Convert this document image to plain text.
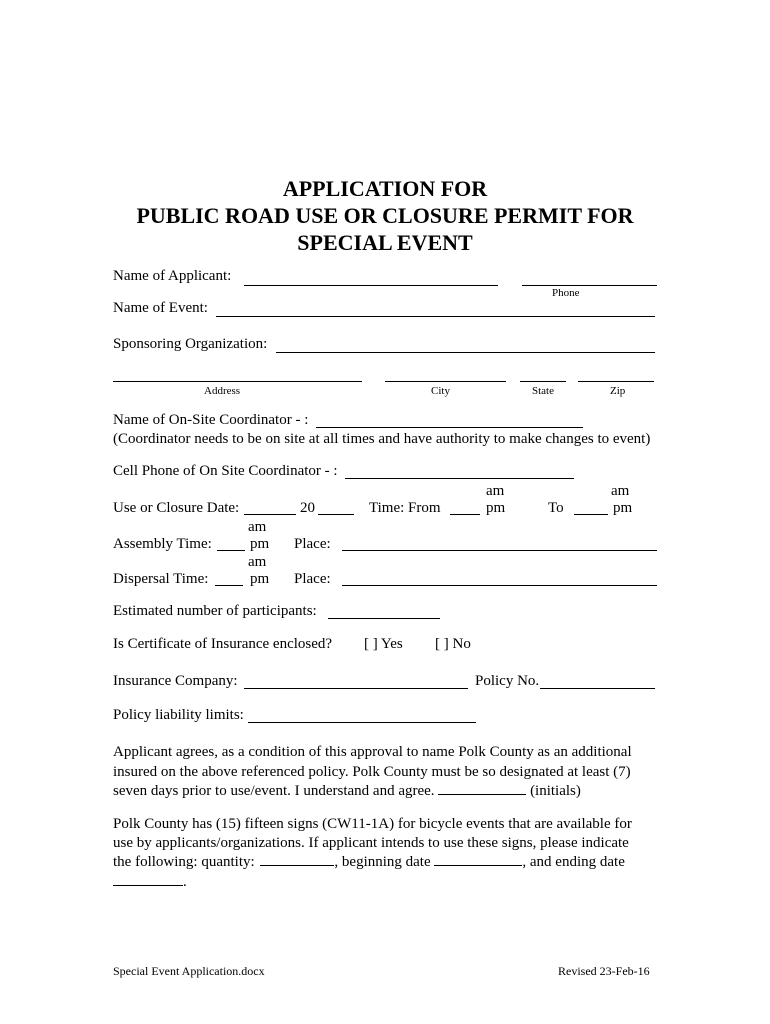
APPLICATION FOR
PUBLIC ROAD USE OR CLOSURE PERMIT FOR
SPECIAL EVENT
Name of Applicant:
Phone
Name of Event:
Sponsoring Organization:
Address	City	State	Zip
Name of On-Site Coordinator - :
(Coordinator needs to be on site at all times and have authority to make changes to event)
Cell Phone of On Site Coordinator - :
am	am
Use or Closure Date:	20	Time: From	pm	To	pm
am
Assembly Time:	pm Place:
am
Dispersal Time:	pm Place:
Estimated number of participants:
Is Certificate of Insurance enclosed? [ ] Yes [ ] No
Insurance Company:	Policy No.
Policy liability limits:
Applicant agrees, as a condition of this approval to name Polk County as an additional
insured on the above referenced policy. Polk County must be so designated at least (7)
seven days prior to use/event. I understand and agree.	(initials)
Polk County has (15) fifteen signs (CW11-1A) for bicycle events that are available for
use by applicants/organizations. If applicant intends to use these signs, please indicate
the following: quantity:	, beginning date	, and ending date
.
Special Event Application.docx	Revised 23-Feb-16
